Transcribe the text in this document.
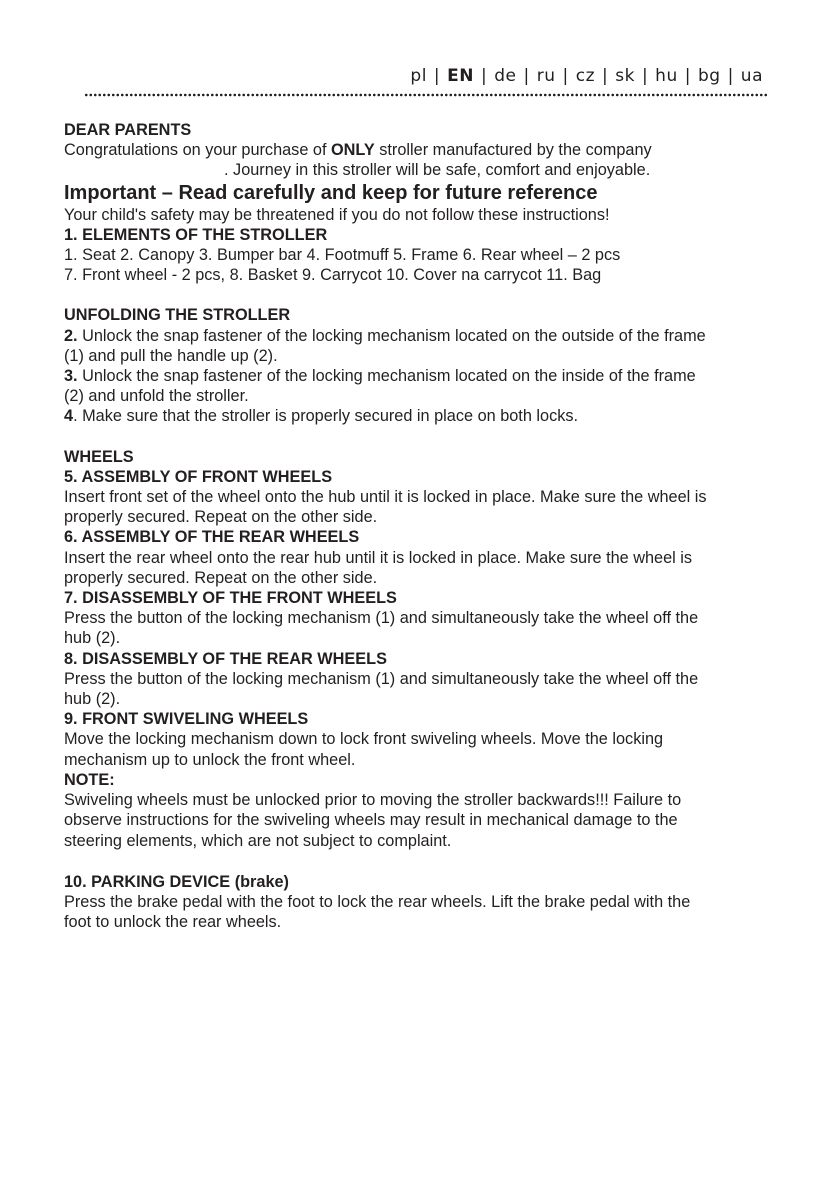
pl | EN | de | ru | cz | sk | hu | bg | ua

DEAR PARENTS

Congratulations on your purchase of ONLY stroller manufactured by the company

. Journey in this stroller will be safe, comfort and enjoyable.

Important – Read carefully and keep for future reference

Your child's safety may be threatened if you do not follow these instructions!

1. ELEMENTS OF THE STROLLER

1. Seat 2. Canopy 3. Bumper bar 4. Footmuff 5. Frame 6. Rear wheel – 2 pcs

7. Front wheel - 2 pcs, 8. Basket 9. Carrycot 10. Cover na carrycot 11. Bag

UNFOLDING THE STROLLER

2. Unlock the snap fastener of the locking mechanism located on the outside of the frame

(1) and pull the handle up (2).

3. Unlock the snap fastener of the locking mechanism located on the inside of the frame

(2) and unfold the stroller.

4. Make sure that the stroller is properly secured in place on both locks.

WHEELS

5. ASSEMBLY OF FRONT WHEELS

Insert front set of the wheel onto the hub until it is locked in place. Make sure the wheel is

properly secured. Repeat on the other side.

6. ASSEMBLY OF THE REAR WHEELS

Insert the rear wheel onto the rear hub until it is locked in place. Make sure the wheel is

properly secured. Repeat on the other side.

7. DISASSEMBLY OF THE FRONT WHEELS

Press the button of the locking mechanism (1) and simultaneously take the wheel off the

hub (2).

8. DISASSEMBLY OF THE REAR WHEELS

Press the button of the locking mechanism (1) and simultaneously take the wheel off the

hub (2).

9. FRONT SWIVELING WHEELS

Move the locking mechanism down to lock front swiveling wheels. Move the locking

mechanism up to unlock the front wheel.

NOTE:

Swiveling wheels must be unlocked prior to moving the stroller backwards!!! Failure to

observe instructions for the swiveling wheels may result in mechanical damage to the

steering elements, which are not subject to complaint.

10. PARKING DEVICE (brake)

Press the brake pedal with the foot to lock the rear wheels. Lift the brake pedal with the

foot to unlock the rear wheels.
